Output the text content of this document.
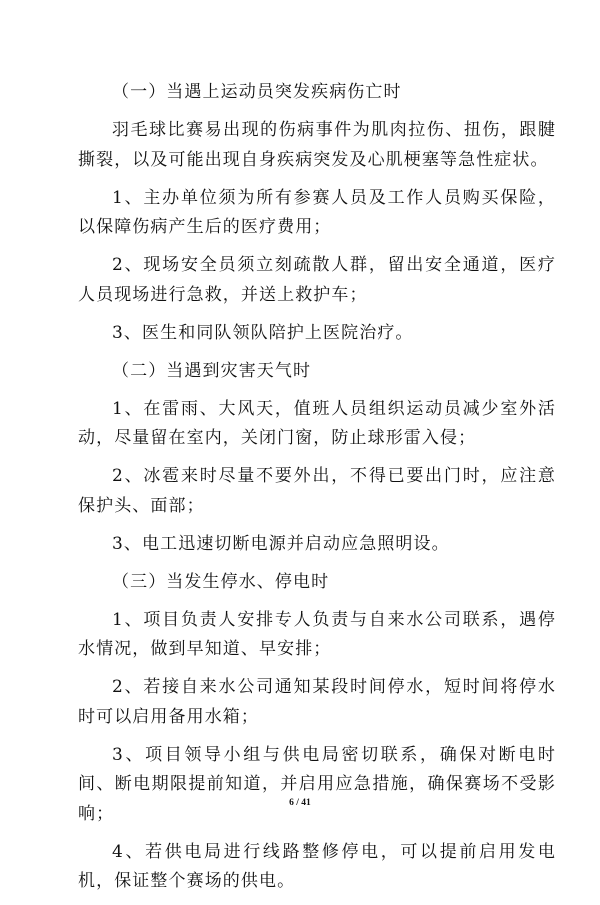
（一）当遇上运动员突发疾病伤亡时

羽毛球比赛易出现的伤病事件为肌肉拉伤、扭伤，跟腱撕裂，以及可能出现自身疾病突发及心肌梗塞等急性症状。

1、主办单位须为所有参赛人员及工作人员购买保险，以保障伤病产生后的医疗费用；

2、现场安全员须立刻疏散人群，留出安全通道，医疗人员现场进行急救，并送上救护车；

3、医生和同队领队陪护上医院治疗。

（二）当遇到灾害天气时

1、在雷雨、大风天，值班人员组织运动员减少室外活动，尽量留在室内，关闭门窗，防止球形雷入侵；

2、冰雹来时尽量不要外出，不得已要出门时，应注意保护头、面部；

3、电工迅速切断电源并启动应急照明设。

（三）当发生停水、停电时

1、项目负责人安排专人负责与自来水公司联系，遇停水情况，做到早知道、早安排；

2、若接自来水公司通知某段时间停水，短时间将停水时可以启用备用水箱；

3、项目领导小组与供电局密切联系，确保对断电时间、断电期限提前知道，并启用应急措施，确保赛场不受影响；

4、若供电局进行线路整修停电，可以提前启用发电机，保证整个赛场的供电。

6 / 41
